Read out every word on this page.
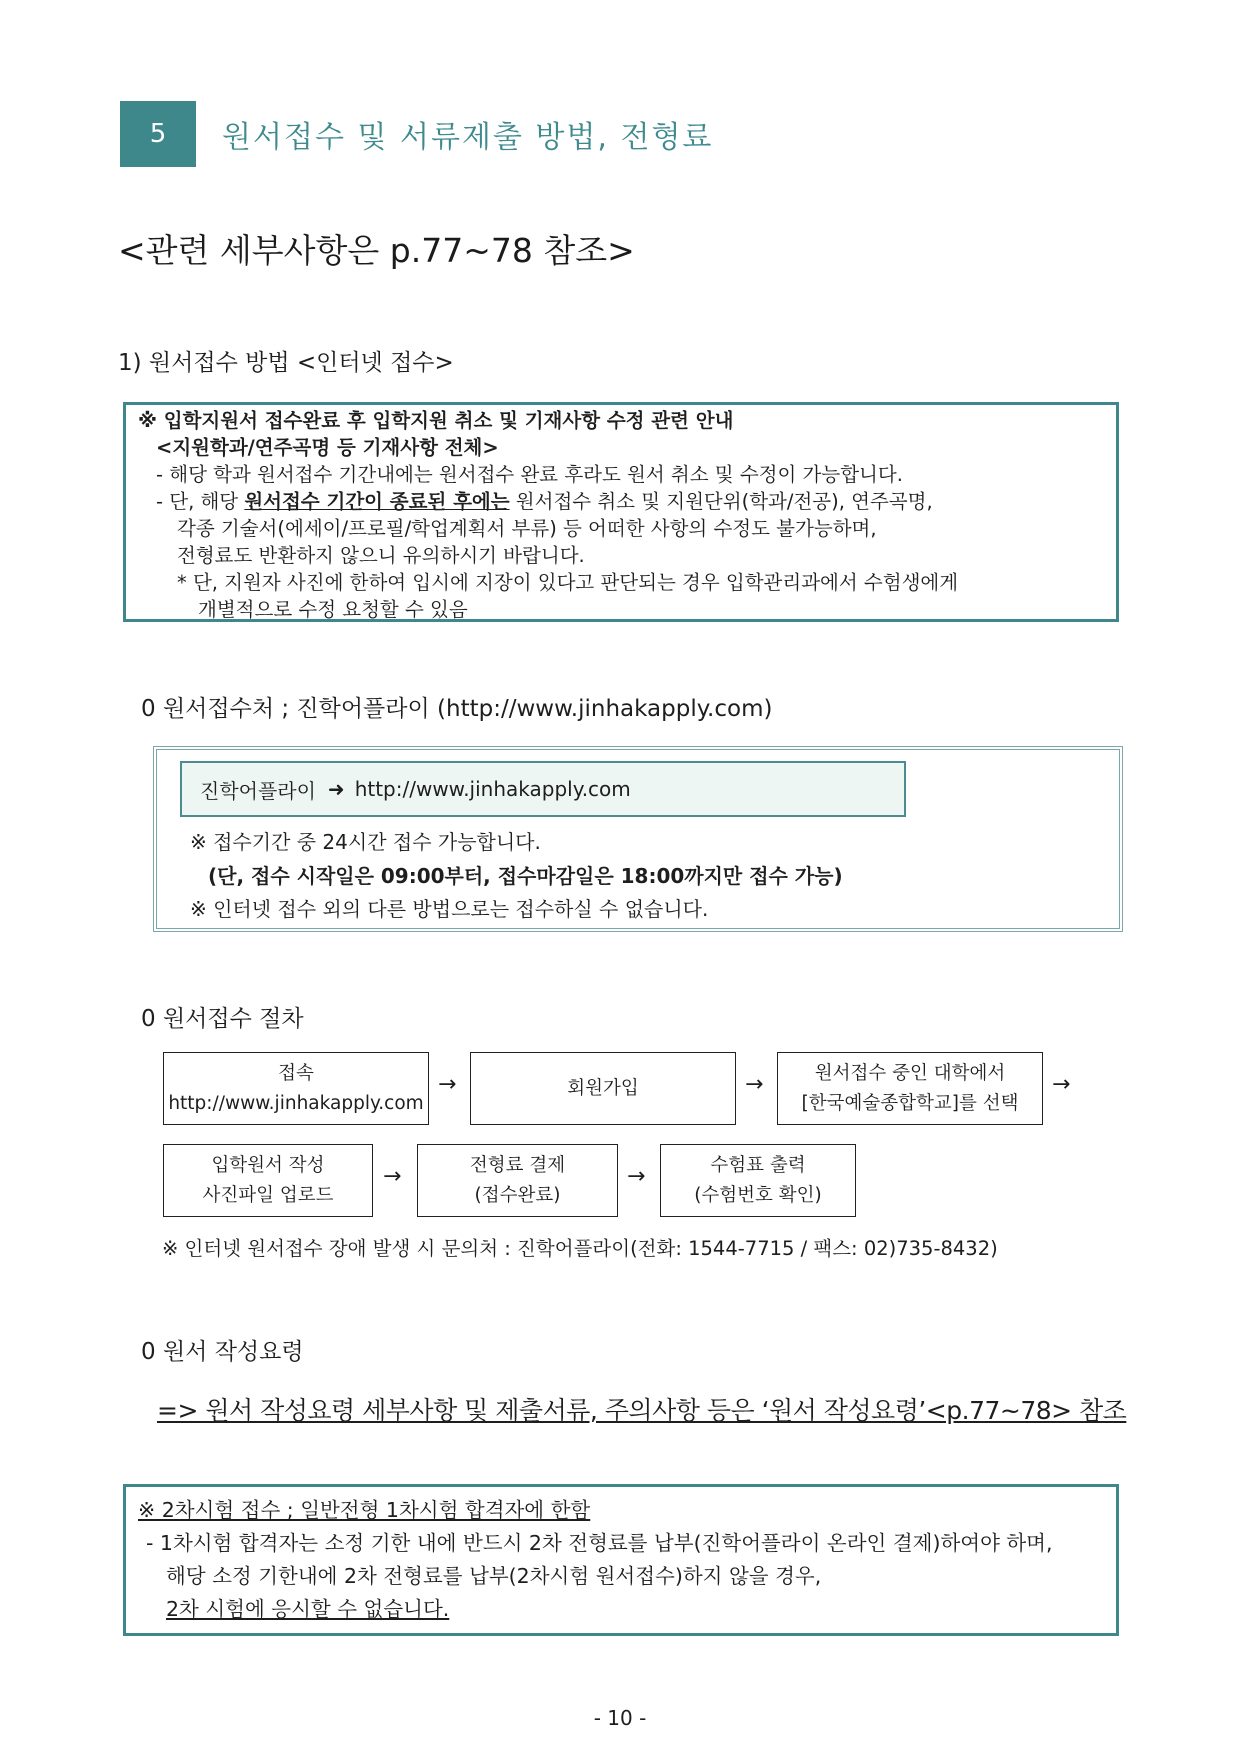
5	원서접수 및 서류제출 방법, 전형료
<관련 세부사항은 p.77~78 참조>
1) 원서접수 방법 <인터넷 접수>
※ 입학지원서 접수완료 후 입학지원 취소 및 기재사항 수정 관련 안내
<지원학과/연주곡명 등 기재사항 전체>
- 해당 학과 원서접수 기간내에는 원서접수 완료 후라도 원서 취소 및 수정이 가능합니다.
- 단, 해당 원서접수 기간이 종료된 후에는 원서접수 취소 및 지원단위(학과/전공), 연주곡명,
각종 기술서(에세이/프로필/학업계획서 부류) 등 어떠한 사항의 수정도 불가능하며,
전형료도 반환하지 않으니 유의하시기 바랍니다.
* 단, 지원자 사진에 한하여 입시에 지장이 있다고 판단되는 경우 입학관리과에서 수험생에게
개별적으로 수정 요청할 수 있음
0 원서접수처 ; 진학어플라이 (http://www.jinhakapply.com)
진학어플라이 ➜ http://www.jinhakapply.com
※ 접수기간 중 24시간 접수 가능합니다.
(단, 접수 시작일은 09:00부터, 접수마감일은 18:00까지만 접수 가능)
※ 인터넷 접수 외의 다른 방법으로는 접수하실 수 없습니다.
0 원서접수 절차
접속
http://www.jinhakapply.com
→	회원가입	→	원서접수 중인 대학에서
[한국예술종합학교]를 선택
→
입학원서 작성
사진파일 업로드
→	전형료 결제
(접수완료)
→	수험표 출력
(수험번호 확인)
※ 인터넷 원서접수 장애 발생 시 문의처 : 진학어플라이(전화: 1544-7715 / 팩스: 02)735-8432)
0 원서 작성요령
=> 원서 작성요령 세부사항 및 제출서류, 주의사항 등은 ‘원서 작성요령’<p.77~78> 참조
※ 2차시험 접수 ; 일반전형 1차시험 합격자에 한함
- 1차시험 합격자는 소정 기한 내에 반드시 2차 전형료를 납부(진학어플라이 온라인 결제)하여야 하며,
해당 소정 기한내에 2차 전형료를 납부(2차시험 원서접수)하지 않을 경우,
2차 시험에 응시할 수 없습니다.
- 10 -
